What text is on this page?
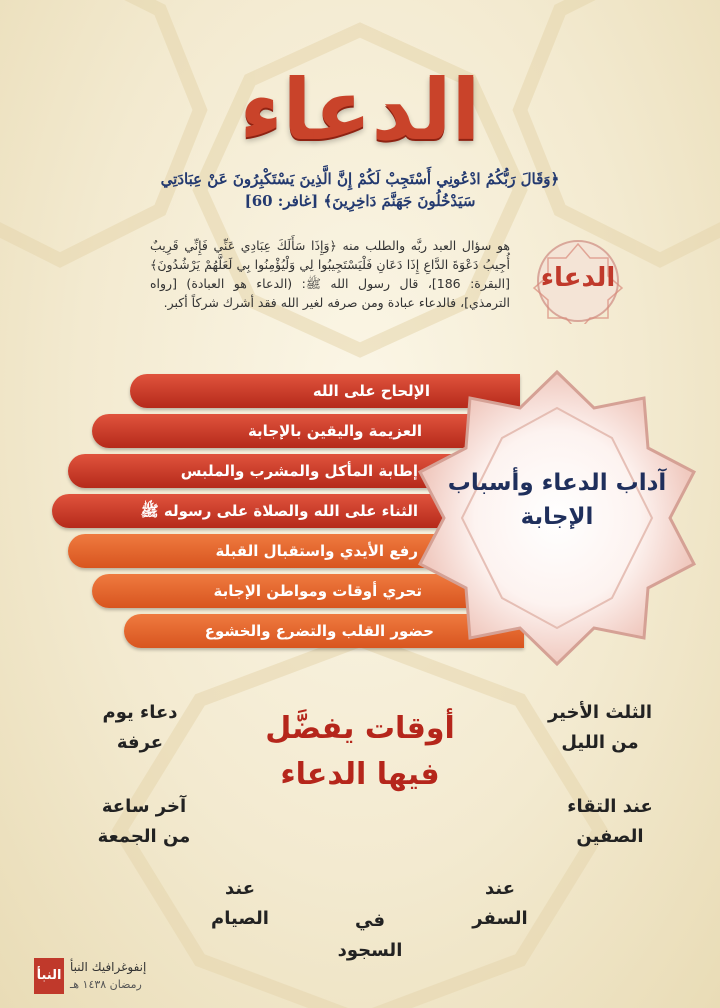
الدعاء
﴿وَقَالَ رَبُّكُمُ ادْعُونِي أَسْتَجِبْ لَكُمْ إِنَّ الَّذِينَ يَسْتَكْبِرُونَ عَنْ عِبَادَتِي سَيَدْخُلُونَ جَهَنَّمَ دَاخِرِينَ﴾ [غافر: 60]
هو سؤال العبد ربَّه والطلب منه ﴿وَإِذَا سَأَلَكَ عِبَادِي عَنِّي فَإِنِّي قَرِيبٌ أُجِيبُ دَعْوَةَ الدَّاعِ إِذَا دَعَانِ فَلْيَسْتَجِيبُوا لِي وَلْيُؤْمِنُوا بِي لَعَلَّهُمْ يَرْشُدُونَ﴾ [البقرة: 186]، قال رسول الله ﷺ: (الدعاء هو العبادة) [رواه الترمذي]، فالدعاء عبادة ومن صرفه لغير الله فقد أشرك شركاً أكبر.
الدعاء
الإلحاح على الله
العزيمة واليقين بالإجابة
إطابة المأكل والمشرب والملبس
الثناء على الله والصلاة على رسوله ﷺ
رفع الأيدي واستقبال القبلة
تحري أوقات ومواطن الإجابة
حضور القلب والتضرع والخشوع
آداب الدعاء وأسباب الإجابة
أوقات يفضَّل
فيها الدعاء
الثلث الأخير
من الليل
دعاء يوم
عرفة
عند التقاء
الصفين
آخر ساعة
من الجمعة
عند
السفر
عند
الصيام	في
السجود
النبأ
إنفوغرافيك النبأ
رمضان ١٤٣٨ هـ
